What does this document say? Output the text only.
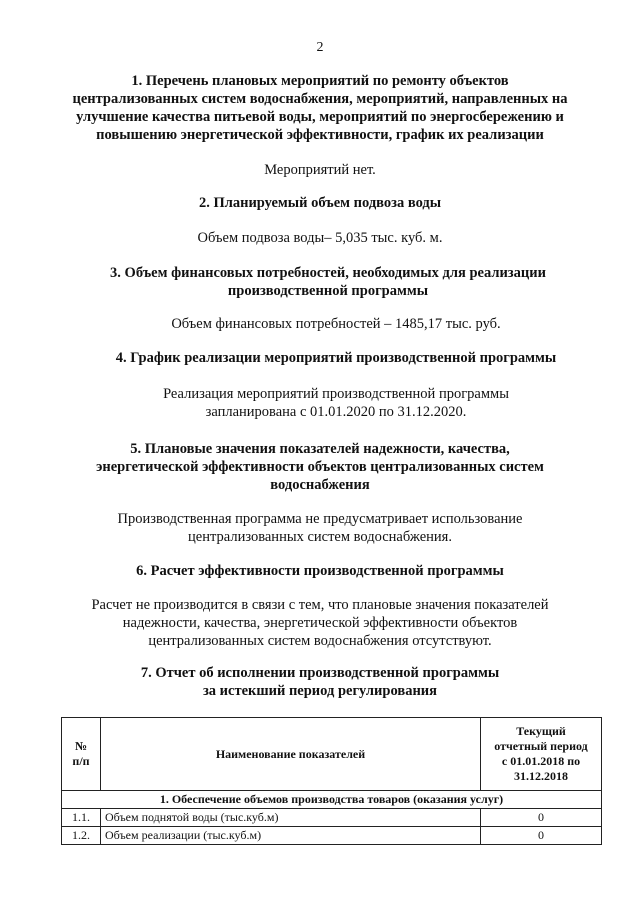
2
1. Перечень плановых мероприятий по ремонту объектов
централизованных систем водоснабжения, мероприятий, направленных на
улучшение качества питьевой воды, мероприятий по энергосбережению и
повышению энергетической эффективности, график их реализации
Мероприятий нет.
2. Планируемый объем подвоза воды
Объем подвоза воды– 5,035 тыс. куб. м.
3. Объем финансовых потребностей, необходимых для реализации
производственной программы
Объем финансовых потребностей – 1485,17 тыс. руб.
4. График реализации мероприятий производственной программы
Реализация мероприятий производственной программы
запланирована с 01.01.2020 по 31.12.2020.
5. Плановые значения показателей надежности, качества,
энергетической эффективности объектов централизованных систем
водоснабжения
Производственная программа не предусматривает использование
централизованных систем водоснабжения.
6. Расчет эффективности производственной программы
Расчет не производится в связи с тем, что плановые значения показателей
надежности, качества, энергетической эффективности объектов
централизованных систем водоснабжения отсутствуют.
7. Отчет об исполнении производственной программы
за истекший период регулирования
№
п/п	Наименование показателей	Текущий
отчетный период
с 01.01.2018 по
31.12.2018

1. Обеспечение объемов производства товаров (оказания услуг)		
1.1.	Объем поднятой воды (тыс.куб.м)	0
1.2.	Объем реализации (тыс.куб.м)	0
